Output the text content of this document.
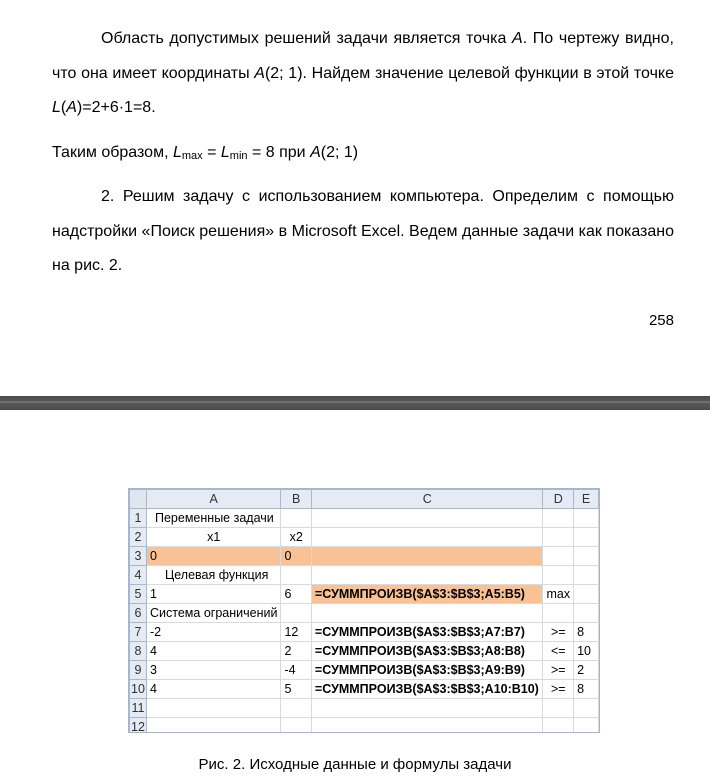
Область допустимых решений задачи является точка A. По чертежу видно, что она имеет координаты A(2; 1). Найдем значение целевой функции в этой точке L(A)=2+6·1=8.

Таким образом, Lmax = Lmin = 8 при A(2; 1)

2. Решим задачу с использованием компьютера. Определим с помощью надстройки «Поиск решения» в Microsoft Excel. Ведем данные задачи как показано на рис. 2.

258
	A	B	C	D	E
1	Переменные задачи				
2	x1	x2			
3	0	0			
4	Целевая функция				
5	1	6	=СУММПРОИЗВ($A$3:$B$3;A5:B5)	max	
6	Система ограничений				
7	-2	12	=СУММПРОИЗВ($A$3:$B$3;A7:B7)	>=	8
8	4	2	=СУММПРОИЗВ($A$3:$B$3;A8:B8)	<=	10
9	3	-4	=СУММПРОИЗВ($A$3:$B$3;A9:B9)	>=	2
10	4	5	=СУММПРОИЗВ($A$3:$B$3;A10:B10)	>=	8
11					
12					
Рис. 2. Исходные данные и формулы задачи
